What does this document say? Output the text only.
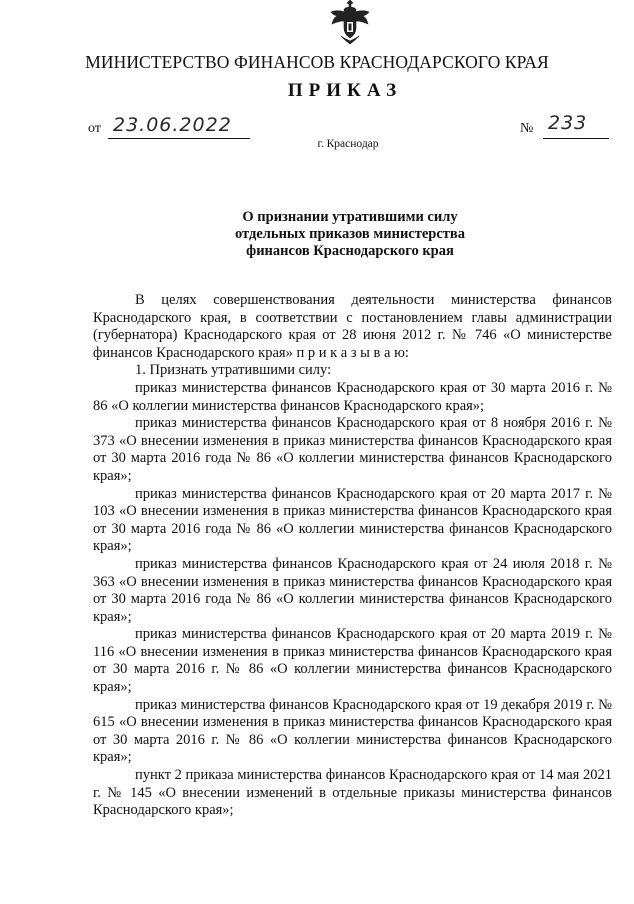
МИНИСТЕРСТВО ФИНАНСОВ КРАСНОДАРСКОГО КРАЯ
ПРИКАЗ
от 23.06.2022	№ 233
г. Краснодар
О признании утратившими силу
отдельных приказов министерства
финансов Краснодарского края

В целях совершенствования деятельности министерства финансов Краснодарского края, в соответствии с постановлением главы администрации (губернатора) Краснодарского края от 28 июня 2012 г. № 746 «О министерстве финансов Краснодарского края» п р и к а з ы в а ю:

1. Признать утратившими силу:

приказ министерства финансов Краснодарского края от 30 марта 2016 г. № 86 «О коллегии министерства финансов Краснодарского края»;

приказ министерства финансов Краснодарского края от 8 ноября 2016 г. № 373 «О внесении изменения в приказ министерства финансов Краснодарского края от 30 марта 2016 года № 86 «О коллегии министерства финансов Краснодарского края»;

приказ министерства финансов Краснодарского края от 20 марта 2017 г. № 103 «О внесении изменения в приказ министерства финансов Краснодарского края от 30 марта 2016 года № 86 «О коллегии министерства финансов Краснодарского края»;

приказ министерства финансов Краснодарского края от 24 июля 2018 г. № 363 «О внесении изменения в приказ министерства финансов Краснодарского края от 30 марта 2016 года № 86 «О коллегии министерства финансов Краснодарского края»;

приказ министерства финансов Краснодарского края от 20 марта 2019 г. № 116 «О внесении изменения в приказ министерства финансов Краснодарского края от 30 марта 2016 г. № 86 «О коллегии министерства финансов Краснодарского края»;

приказ министерства финансов Краснодарского края от 19 декабря 2019 г. № 615 «О внесении изменения в приказ министерства финансов Краснодарского края от 30 марта 2016 г. № 86 «О коллегии министерства финансов Краснодарского края»;

пункт 2 приказа министерства финансов Краснодарского края от 14 мая 2021 г. № 145 «О внесении изменений в отдельные приказы министерства финансов Краснодарского края»;
